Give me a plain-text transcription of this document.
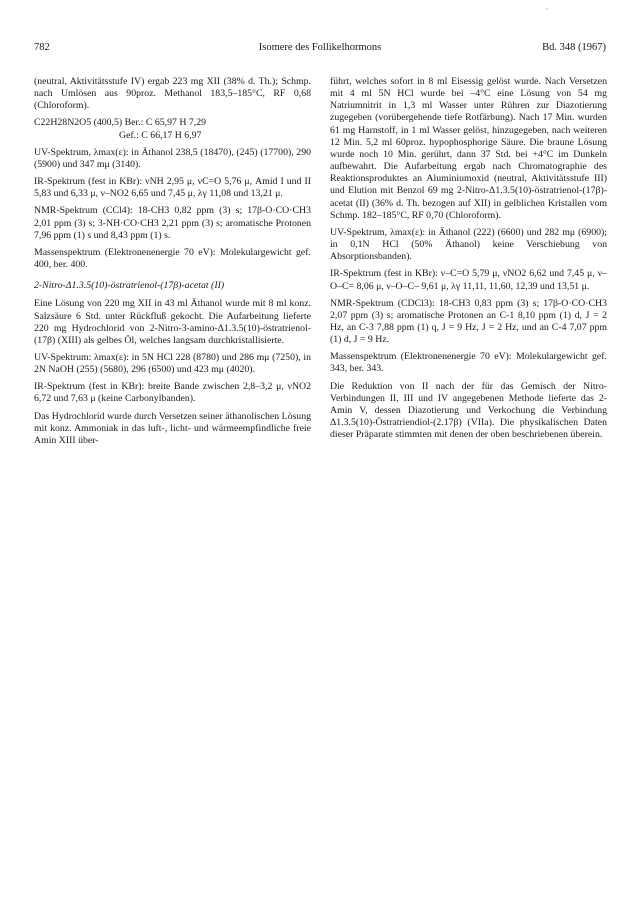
782	Isomere des Follikelhormons	Bd. 348 (1967)

(neutral, Aktivitätsstufe IV) ergab 223 mg XII (38% d. Th.); Schmp. nach Umlösen aus 90proz. Methanol 183,5–185°C, RF 0,68 (Chloroform).

C22H28N2O5 (400,5) Ber.: C 65,97 H 7,29

Gef.: C 66,17 H 6,97

UV-Spektrum, λmax(ε): in Äthanol 238,5 (18470), (245) (17700), 290 (5900) und 347 mμ (3140).

IR-Spektrum (fest in KBr): νNH 2,95 μ, νC=O 5,76 μ, Amid I und II 5,83 und 6,33 μ, ν–NO2 6,65 und 7,45 μ, λγ 11,08 und 13,21 μ.

NMR-Spektrum (CCl4): 18-CH3 0,82 ppm (3) s; 17β-O·CO·CH3 2,01 ppm (3) s; 3-NH·CO·CH3 2,21 ppm (3) s; aromatische Protonen 7,96 ppm (1) s und 8,43 ppm (1) s.

Massenspektrum (Elektronenenergie 70 eV): Molekulargewicht gef. 400, ber. 400.

2-Nitro-Δ1.3.5(10)-östratrienol-(17β)-acetat (II)

Eine Lösung von 220 mg XII in 43 ml Äthanol wurde mit 8 ml konz. Salzsäure 6 Std. unter Rückfluß gekocht. Die Aufarbeitung lieferte 220 mg Hydrochlorid von 2-Nitro-3-amino-Δ1.3.5(10)-östratrienol-(17β) (XIII) als gelbes Öl, welches langsam durchkristallisierte.

UV-Spektrum: λmax(ε): in 5N HCl 228 (8780) und 286 mμ (7250), in 2N NaOH (255) (5680), 296 (6500) und 423 mμ (4020).

IR-Spektrum (fest in KBr): breite Bande zwischen 2,8–3,2 μ, νNO2 6,72 und 7,63 μ (keine Carbonylbanden).

Das Hydrochlorid wurde durch Versetzen seiner äthanolischen Lösung mit konz. Ammoniak in das luft-, licht- und wärmeempfindliche freie Amin XIII über-

führt, welches sofort in 8 ml Eisessig gelöst wurde. Nach Versetzen mit 4 ml 5N HCl wurde bei –4°C eine Lösung von 54 mg Natriumnitrit in 1,3 ml Wasser unter Rühren zur Diazotierung zugegeben (vorübergehende tiefe Rotfärbung). Nach 17 Min. wurden 61 mg Harnstoff, in 1 ml Wasser gelöst, hinzugegeben, nach weiteren 12 Min. 5,2 ml 60proz. hypophosphorige Säure. Die braune Lösung wurde noch 10 Min. gerührt, dann 37 Std. bei +4°C im Dunkeln aufbewahrt. Die Aufarbeitung ergab nach Chromatographie des Reaktionsproduktes an Aluminiumoxid (neutral, Aktivitätsstufe III) und Elution mit Benzol 69 mg 2-Nitro-Δ1.3.5(10)-östratrienol-(17β)-acetat (II) (36% d. Th. bezogen auf XII) in gelblichen Kristallen vom Schmp. 182–185°C, RF 0,70 (Chloroform).

UV-Spektrum, λmax(ε): in Äthanol (222) (6600) und 282 mμ (6900); in 0,1N HCl (50% Äthanol) keine Verschiebung von Absorptionsbanden).

IR-Spektrum (fest in KBr): ν–C=O 5,79 μ, νNO2 6,62 und 7,45 μ, ν–O–C= 8,06 μ, ν–O–C– 9,61 μ, λγ 11,11, 11,60, 12,39 und 13,51 μ.

NMR-Spektrum (CDCl3): 18-CH3 0,83 ppm (3) s; 17β-O·CO·CH3 2,07 ppm (3) s; aromatische Protonen an C-1 8,10 ppm (1) d, J = 2 Hz, an C-3 7,88 ppm (1) q, J = 9 Hz, J = 2 Hz, und an C-4 7,07 ppm (1) d, J = 9 Hz.

Massenspektrum (Elektronenenergie 70 eV): Molekulargewicht gef. 343, ber. 343.

Die Reduktion von II nach der für das Gemisch der Nitro-Verbindungen II, III und IV angegebenen Methode lieferte das 2-Amin V, dessen Diazotierung und Verkochung die Verbindung Δ1.3.5(10)-Östratriendiol-(2.17β) (VIIa). Die physikalischen Daten dieser Präparate stimmten mit denen der oben beschriebenen überein.
